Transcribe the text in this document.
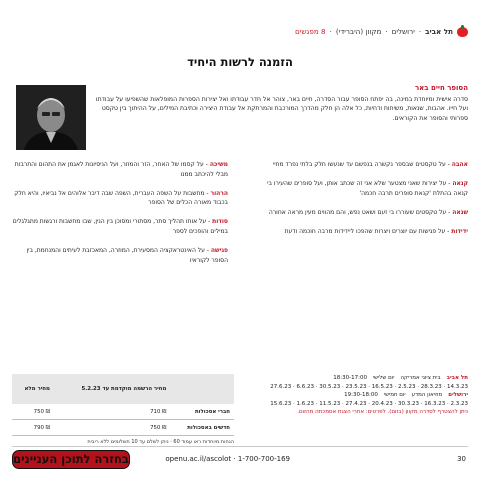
תל אביב
·
ירושלים
·
מקוון (היברידי)
·
8 מפגשים
הזמנה לרשות היחיד
הסופר חיים באר
סדרה אישית ומיוחדת במינה, בה יפתח הסופר עבור הסדרה, חיים באר, צוהר אל חדר עבודתו ואל יצירות הספרות המופלאות שהשפיעו על עבודתו ועל חייו. אהבות, שנאות, משיחות ודחיות, כל אלה הן חלק מהדרך המורכבת והמרתקת אל עבודת היצירה וכתיבת המילים, על ההיתוך בין טקסט ספרותי והסופר את הקוראים.
אהבה - על טקסטים שבספר נקשרה בנפשם עד שנעשו חלק בלתי נפרד מחיי
קנאה - על יצירות שאני מצטער שלא אני זה שכתב אותן, ועל סופרים שהעירו בי קנאה בהתלת 'קנאת סופרים תרבה חכמה'
שנאה - על טקסטים שעוררו בי זעם ושאט נפש, והם מהווים מעין מראה אחורה
ידידות - על פגישות עם יוצרים ויצרות שהפכו ליידידות מרבה חוכמה ודעת
משיכה - על קסמו של האחר, הזר והמוזר, ועל הניסיונות לאגמן את התהום והתרבות מבלי להיכתב ממנו
הרהור - מחשבות על השפה העברית, השפה שבה דיבר אלוהים אל נביאיו, והיא חלק בכבוד מאורה הכלים של הסופר
סודות - על אותו תהליך סתר, מסתורי ומסוכן בין הנין, שבו מחשבות ורגשות מתגלגלים במילים והופכים לספר
פגישה - על האינטראקציה המסעירת, המוזרה, המאכזבת לעיתים והמנחמת, בין הסופר לקוראיו
תל אביב
בית ציוני אמריקה
יום שלישי
18:30-17:00
14.3.23 · 28.3.23 · 2.5.23 · 16.5.23 · 23.5.23 · 30.5.23 · 6.6.23 · 27.6.23
ירושלים
מוזיאון המדע
יום חמישי
19:30-18:00
2.3.23 · 16.3.23 · 30.3.23 · 20.4.23 · 27.4.23 · 11.5.23 · 1.6.23 · 15.6.23
ניתן להצטרף לסדרה מקוון (בזום). לפרטים: אחרי הצגת אסמכתה מהזום.
	מחיר הרשמה מוקדמת עד 5.2.23	מחיר מלא
חברי אסכולות	₪ 710	₪ 750
חדשים באסכולות	₪ 750	₪ 790
הנחות מיוחדות ראו עמוד 60 · ניתן לשלם עד 10 תשלומים ללא ריבית
30
1-700-700-169 · openu.ac.il/ascolot
בחזרה לתוכן העניינים
